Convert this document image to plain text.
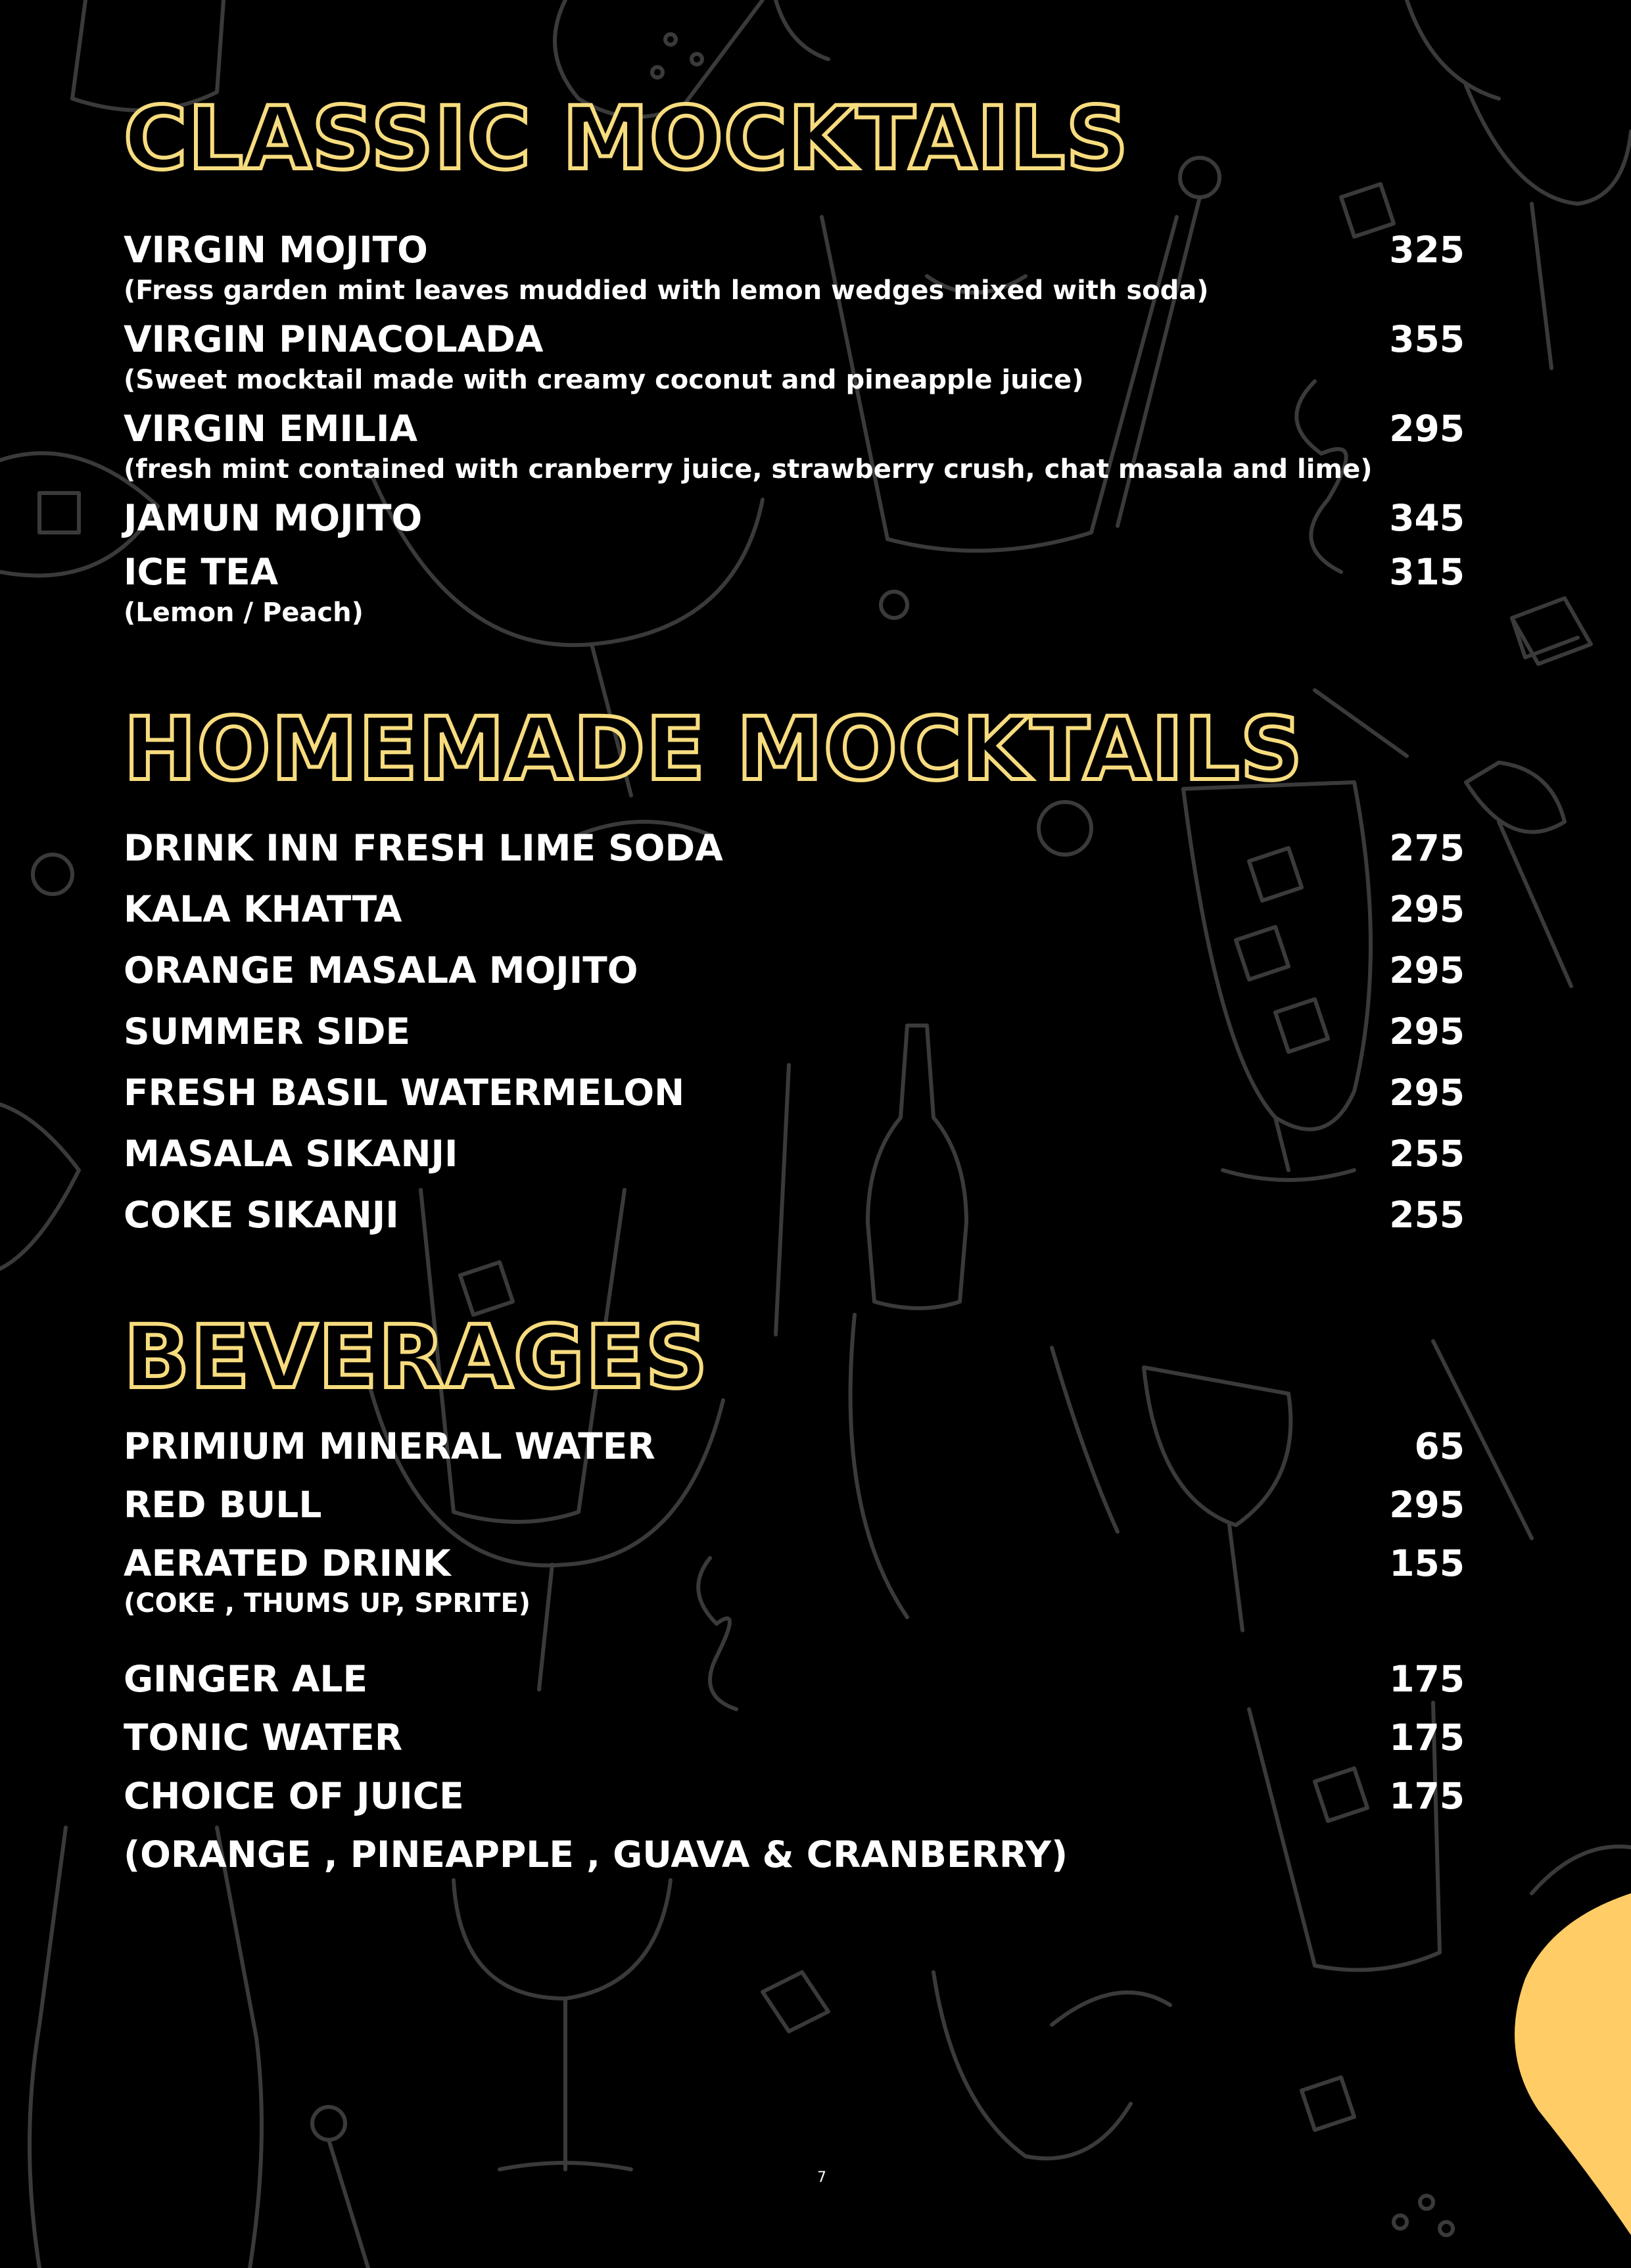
CLASSIC MOCKTAILS
VIRGIN MOJITO	325
(Fress garden mint leaves muddied with lemon wedges mixed with soda)
VIRGIN PINACOLADA	355
(Sweet mocktail made with creamy coconut and pineapple juice)
VIRGIN EMILIA	295
(fresh mint contained with cranberry juice, strawberry crush, chat masala and lime)
JAMUN MOJITO	345
ICE TEA	315
(Lemon / Peach)
HOMEMADE MOCKTAILS
DRINK INN FRESH LIME SODA	275
KALA KHATTA	295
ORANGE MASALA MOJITO	295
SUMMER SIDE	295
FRESH BASIL WATERMELON	295
MASALA SIKANJI	255
COKE SIKANJI	255
BEVERAGES
PRIMIUM MINERAL WATER	65
RED BULL	295
AERATED DRINK	155
(COKE , THUMS UP, SPRITE)
GINGER ALE	175
TONIC WATER	175
CHOICE OF JUICE	175
(ORANGE , PINEAPPLE , GUAVA & CRANBERRY)
7
